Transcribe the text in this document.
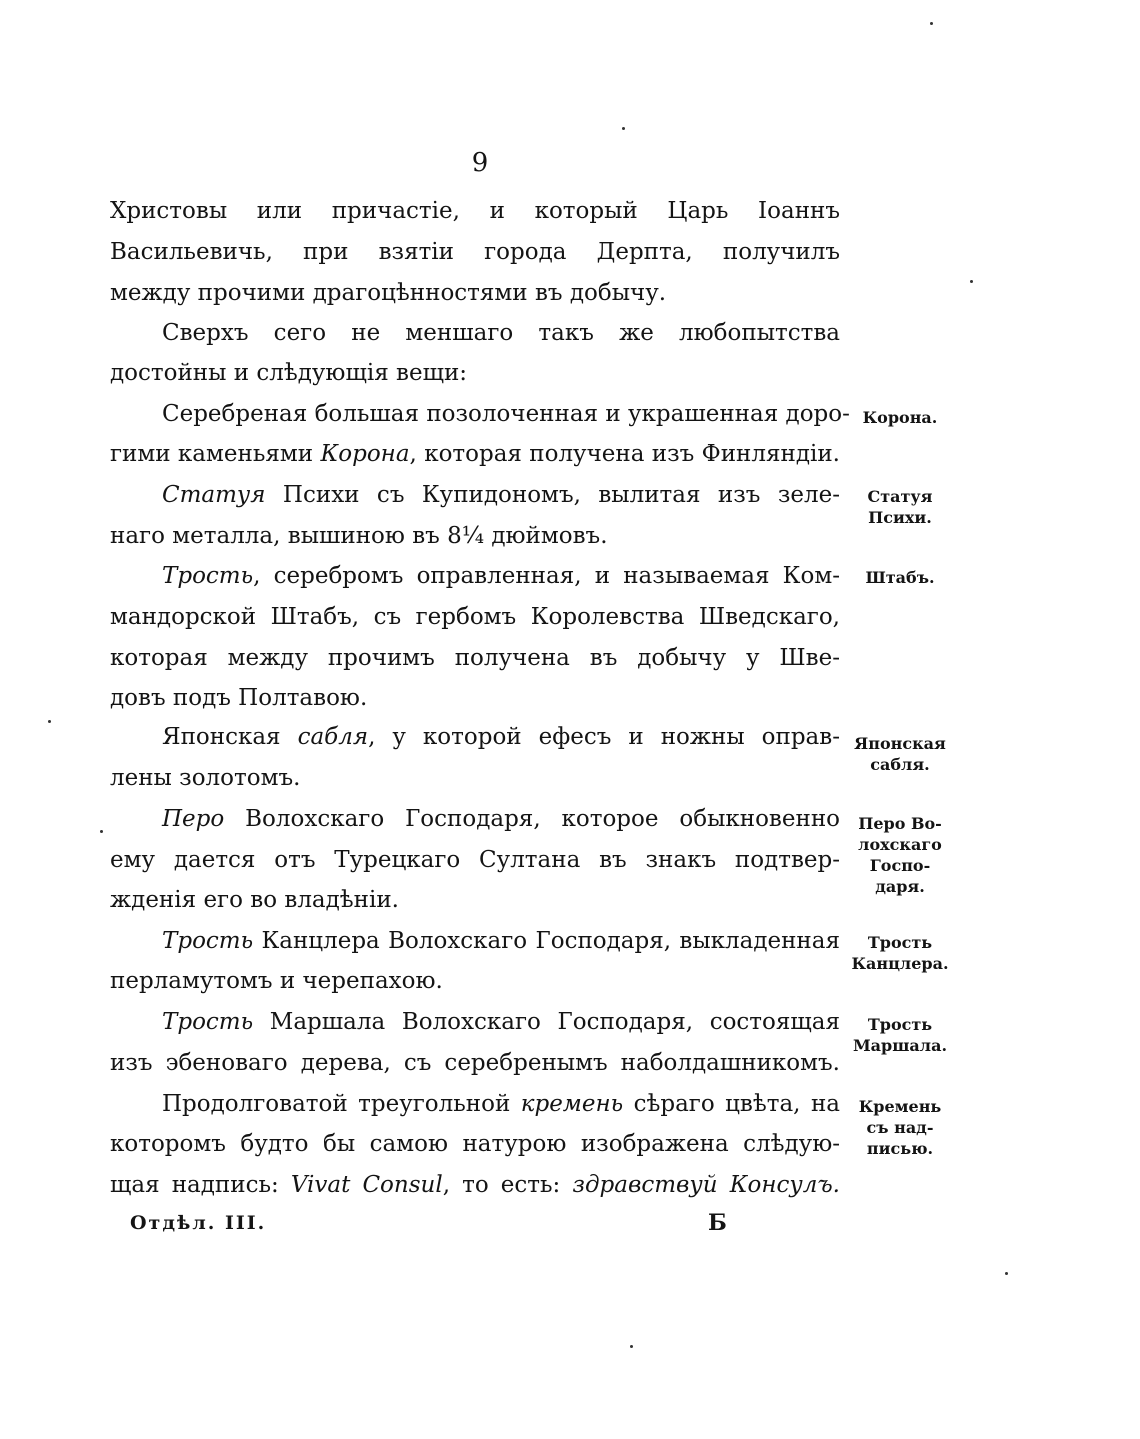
9
Христовы или причастіе, и который Царь Іоаннъ
Васильевичь, при взятіи города Дерпта, получилъ
между прочими драгоцѣнностями въ добычу.
Сверхъ сего не меншаго такъ же любопытства
достойны и слѣдующія вещи:
Серебреная большая позолоченная и украшенная доро-
гими каменьями Корона, которая получена изъ Финляндіи.
Статуя Психи съ Купидономъ, вылитая изъ зеле-
наго металла, вышиною въ 8¼ дюймовъ.
Трость, серебромъ оправленная, и называемая Ком-
мандорской Штабъ, съ гербомъ Королевства Шведскаго,
которая между прочимъ получена въ добычу у Шве-
довъ подъ Полтавою.
Японская сабля, у которой ефесъ и ножны оправ-
лены золотомъ.
Перо Волохскаго Господаря, которое обыкновенно
ему дается отъ Турецкаго Султана въ знакъ подтвер-
жденія его во владѣніи.
Трость Канцлера Волохскаго Господаря, выкладенная
перламутомъ и черепахою.
Трость Маршала Волохскаго Господаря, состоящая
изъ эбеноваго дерева, съ серебренымъ наболдашникомъ.
Продолговатой треугольной кремень сѣраго цвѣта, на
которомъ будто бы самою натурою изображена слѣдую-
щая надпись: Vivat Consul, то есть: здравствуй Консулъ.
Корона.
Статуя
Психи.
Штабъ.
Японская
сабля.
Перо Во-
лохскаго
Госпо-
даря.
Трость
Канцлера.
Трость
Маршала.
Кремень
съ над-
писью.
Отдѣл. III.	Б
